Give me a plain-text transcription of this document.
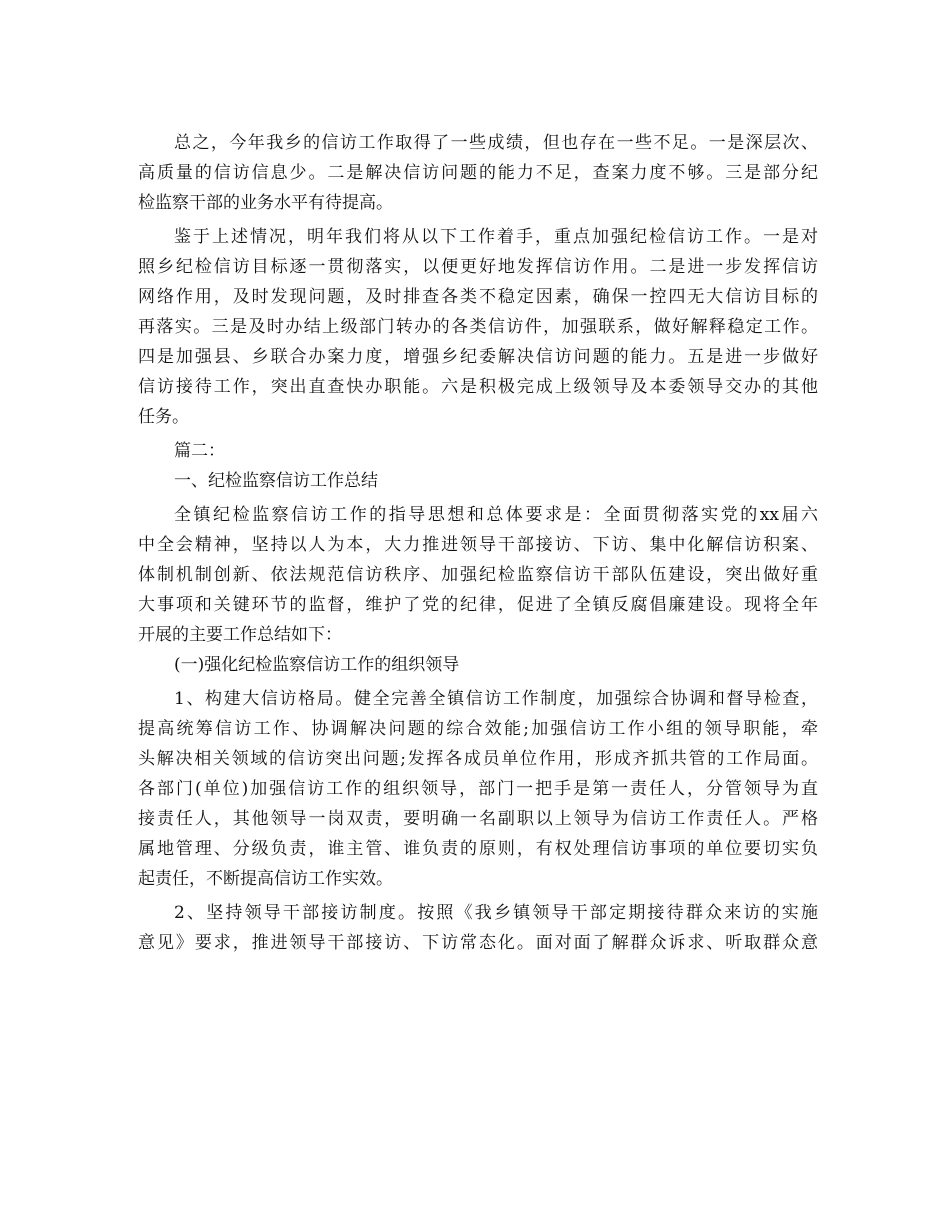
总之，今年我乡的信访工作取得了一些成绩，但也存在一些不足。一是深层次、
高质量的信访信息少。二是解决信访问题的能力不足，查案力度不够。三是部分纪
检监察干部的业务水平有待提高。
鉴于上述情况，明年我们将从以下工作着手，重点加强纪检信访工作。一是对
照乡纪检信访目标逐一贯彻落实，以便更好地发挥信访作用。二是进一步发挥信访
网络作用，及时发现问题，及时排查各类不稳定因素，确保一控四无大信访目标的
再落实。三是及时办结上级部门转办的各类信访件，加强联系，做好解释稳定工作。
四是加强县、乡联合办案力度，增强乡纪委解决信访问题的能力。五是进一步做好
信访接待工作，突出直查快办职能。六是积极完成上级领导及本委领导交办的其他
任务。
篇二：
一、纪检监察信访工作总结
全镇纪检监察信访工作的指导思想和总体要求是：全面贯彻落实党的xx届六
中全会精神，坚持以人为本，大力推进领导干部接访、下访、集中化解信访积案、
体制机制创新、依法规范信访秩序、加强纪检监察信访干部队伍建设，突出做好重
大事项和关键环节的监督，维护了党的纪律，促进了全镇反腐倡廉建设。现将全年
开展的主要工作总结如下：
(一)强化纪检监察信访工作的组织领导
1、构建大信访格局。健全完善全镇信访工作制度，加强综合协调和督导检查，
提高统筹信访工作、协调解决问题的综合效能;加强信访工作小组的领导职能，牵
头解决相关领域的信访突出问题;发挥各成员单位作用，形成齐抓共管的工作局面。
各部门(单位)加强信访工作的组织领导，部门一把手是第一责任人，分管领导为直
接责任人，其他领导一岗双责，要明确一名副职以上领导为信访工作责任人。严格
属地管理、分级负责，谁主管、谁负责的原则，有权处理信访事项的单位要切实负
起责任，不断提高信访工作实效。
2、坚持领导干部接访制度。按照《我乡镇领导干部定期接待群众来访的实施
意见》要求，推进领导干部接访、下访常态化。面对面了解群众诉求、听取群众意
